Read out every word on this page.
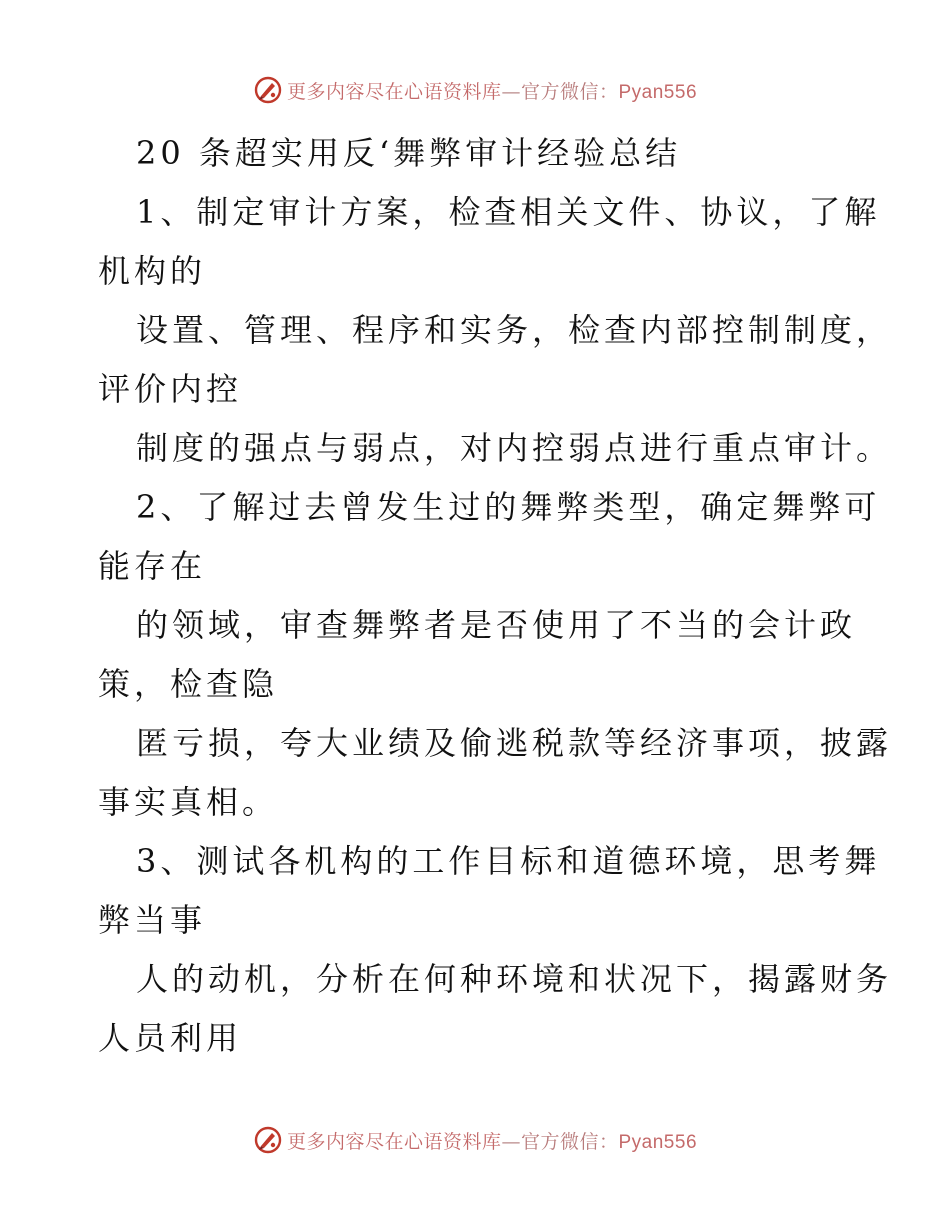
更多内容尽在心语资料库—官方微信：Pyan556
20 条超实用反‘舞弊审计经验总结
1、制定审计方案，检查相关文件、协议，了解
机构的
设置、管理、程序和实务，检查内部控制制度，
评价内控
制度的强点与弱点，对内控弱点进行重点审计。
2、了解过去曾发生过的舞弊类型，确定舞弊可
能存在
的领域，审查舞弊者是否使用了不当的会计政
策，检查隐
匿亏损，夸大业绩及偷逃税款等经济事项，披露
事实真相。
3、测试各机构的工作目标和道德环境，思考舞
弊当事
人的动机，分析在何种环境和状况下，揭露财务
人员利用
更多内容尽在心语资料库—官方微信：Pyan556
